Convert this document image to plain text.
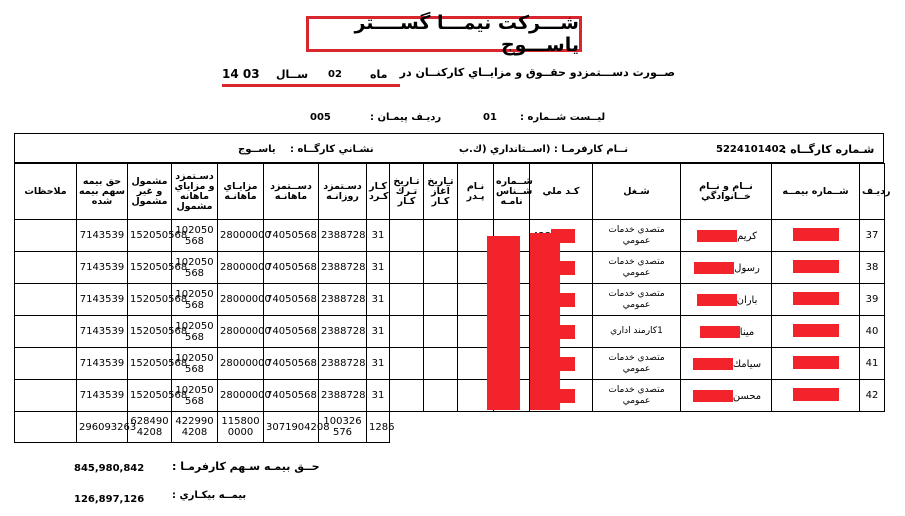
شـــركت نيمـــا گســــتر ياســـوج
صــورت دســـتمزدو حقــوق و مزايــاي كاركنــان در
ماه
02
ســال
14 03
ليــست شــماره :
01
رديـف پيمـان :
005
شـماره كارگــاه :
5224101402
نــام كارفرمـا : (اســتانداري (ك.ب
نشـاني كارگــاه :
ياســوج
ملاحظات	حق بيمه سهم بيمه شده	مشمول و غير مشمول	دسـتمزد و مزاياي ماهانه مشمول	مزايـاي ماهانـه	دســتمزد ماهانـه	دسـتمزد روزانـه	كـار كـرد	تـاريخ تـرك كـار	تـاريخ آغاز كـار	نـام پـدر	شــماره شــناس نامـه	كـد ملي	شـغل	نــام و نــام خــانوادگي	شــماره بيمــه	رديـف
	7143539	152050568	102050568	28000000	74050568	2388728	31						متصدي خدمات عمومي	كريم		37
	7143539	152050568	102050568	28000000	74050568	2388728	31						متصدي خدمات عمومي	رسول		38
	7143539	152050568	102050568	28000000	74050568	2388728	31						متصدي خدمات عمومي	باران		39
	7143539	152050568	102050568	28000000	74050568	2388728	31						1كارمند اداري	مينا		40
	7143539	152050568	102050568	28000000	74050568	2388728	31						متصدي خدمات عمومي	سيامك		41
	7143539	152050568	102050568	28000000	74050568	2388728	31						متصدي خدمات عمومي	محسن		42
	296093263	6284904208	4229904208	1158000000	3071904208	100326576	1286									
حــق بيمـه سـهم كارفرمـا :
845,980,842
بيمــه بيكـاري :
126,897,126
